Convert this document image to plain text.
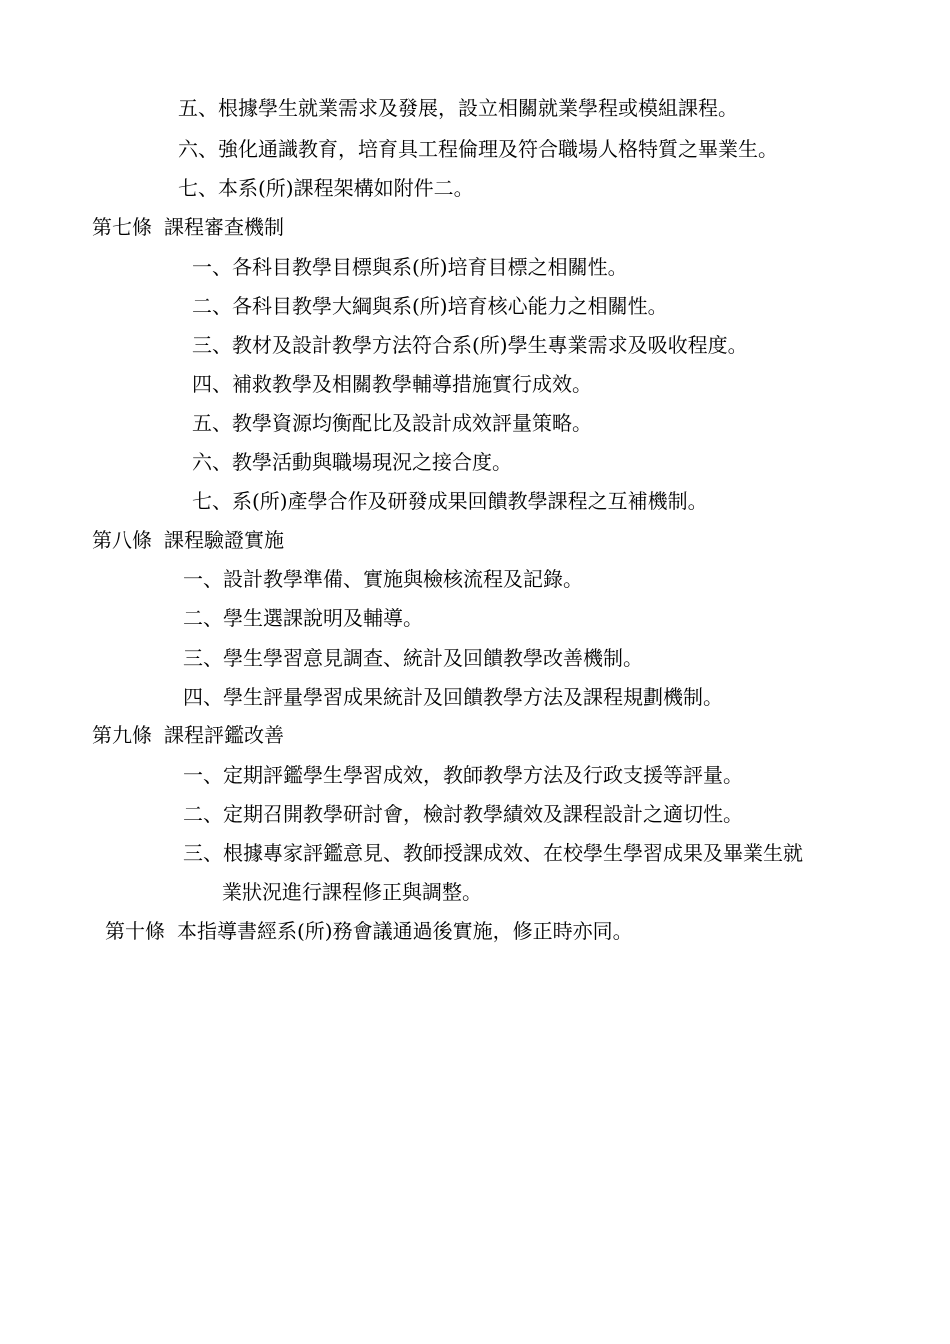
五、根據學生就業需求及發展，設立相關就業學程或模組課程。

六、強化通識教育，培育具工程倫理及符合職場人格特質之畢業生。

七、本系(所)課程架構如附件二。

第七條 課程審查機制

一、各科目教學目標與系(所)培育目標之相關性。

二、各科目教學大綱與系(所)培育核心能力之相關性。

三、教材及設計教學方法符合系(所)學生專業需求及吸收程度。

四、補救教學及相關教學輔導措施實行成效。

五、教學資源均衡配比及設計成效評量策略。

六、教學活動與職場現況之接合度。

七、系(所)產學合作及研發成果回饋教學課程之互補機制。

第八條 課程驗證實施

一、設計教學準備、實施與檢核流程及記錄。

二、學生選課說明及輔導。

三、學生學習意見調查、統計及回饋教學改善機制。

四、學生評量學習成果統計及回饋教學方法及課程規劃機制。

第九條 課程評鑑改善

一、定期評鑑學生學習成效，教師教學方法及行政支援等評量。

二、定期召開教學研討會，檢討教學績效及課程設計之適切性。

三、根據專家評鑑意見、教師授課成效、在校學生學習成果及畢業生就

業狀況進行課程修正與調整。

第十條 本指導書經系(所)務會議通過後實施，修正時亦同。
